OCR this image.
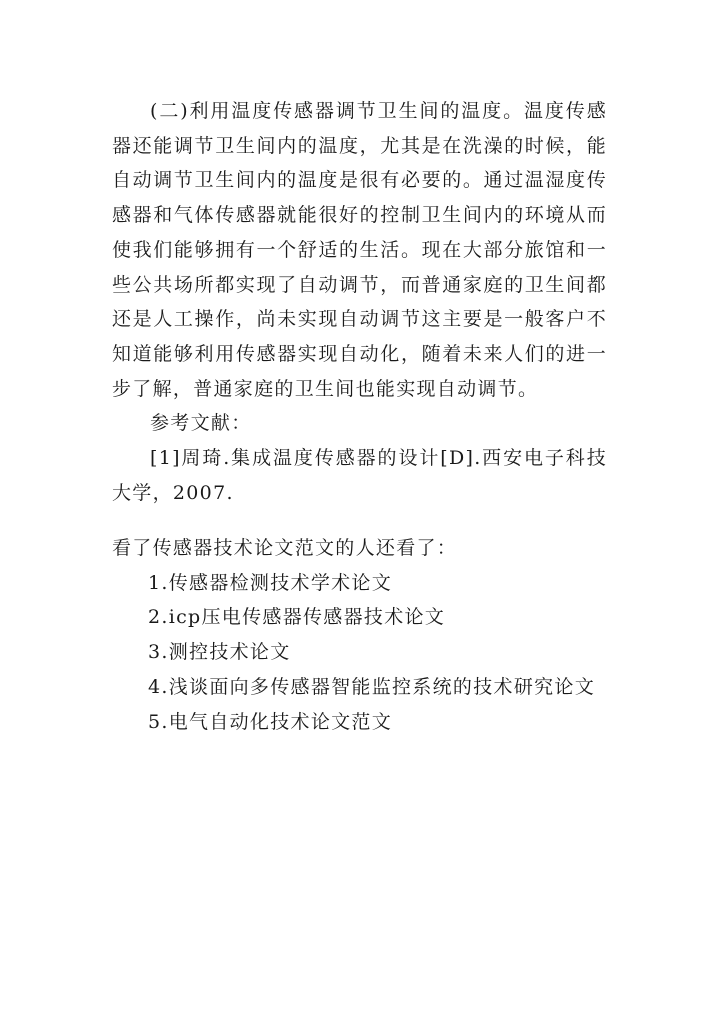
(二)利用温度传感器调节卫生间的温度。温度传感器还能调节卫生间内的温度，尤其是在洗澡的时候，能自动调节卫生间内的温度是很有必要的。通过温湿度传感器和气体传感器就能很好的控制卫生间内的环境从而使我们能够拥有一个舒适的生活。现在大部分旅馆和一些公共场所都实现了自动调节，而普通家庭的卫生间都还是人工操作，尚未实现自动调节这主要是一般客户不知道能够利用传感器实现自动化，随着未来人们的进一步了解，普通家庭的卫生间也能实现自动调节。

参考文献：

[1]周琦.集成温度传感器的设计[D].西安电子科技大学，2007.

看了传感器技术论文范文的人还看了：

1.传感器检测技术学术论文
2.icp压电传感器传感器技术论文
3.测控技术论文
4.浅谈面向多传感器智能监控系统的技术研究论文
5.电气自动化技术论文范文
